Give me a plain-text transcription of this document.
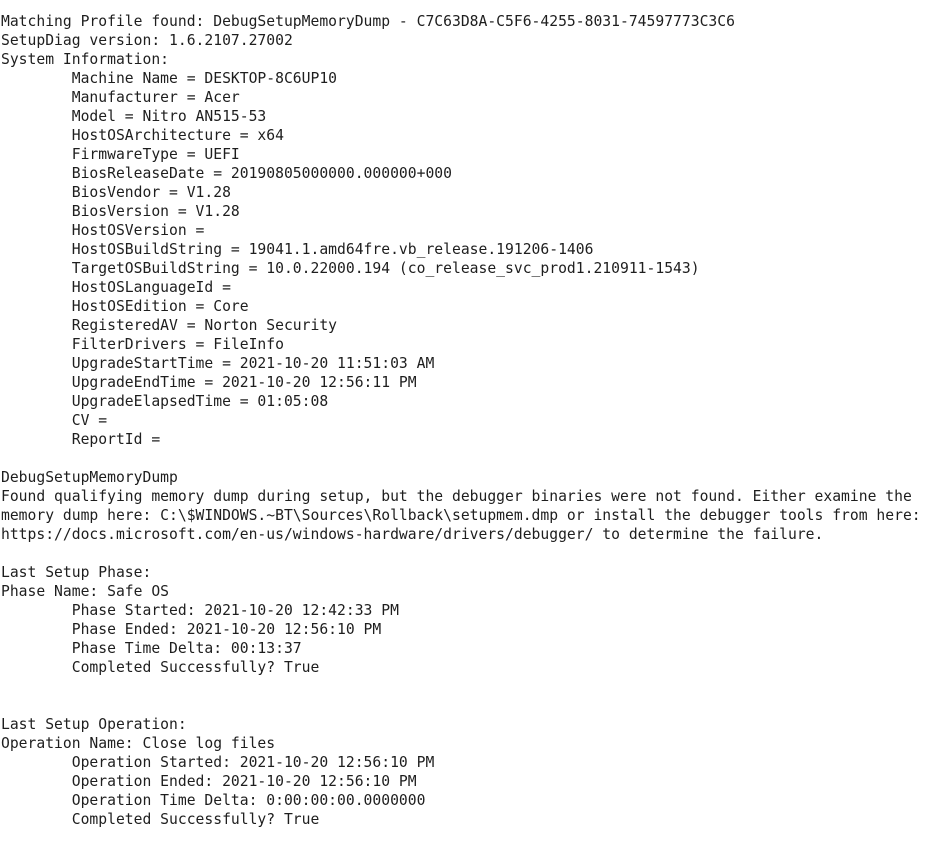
Matching Profile found: DebugSetupMemoryDump - C7C63D8A-C5F6-4255-8031-74597773C3C6
SetupDiag version: 1.6.2107.27002
System Information:
Machine Name = DESKTOP-8C6UP10
Manufacturer = Acer
Model = Nitro AN515-53
HostOSArchitecture = x64
FirmwareType = UEFI
BiosReleaseDate = 20190805000000.000000+000
BiosVendor = V1.28
BiosVersion = V1.28
HostOSVersion =
HostOSBuildString = 19041.1.amd64fre.vb_release.191206-1406
TargetOSBuildString = 10.0.22000.194 (co_release_svc_prod1.210911-1543)
HostOSLanguageId =
HostOSEdition = Core
RegisteredAV = Norton Security
FilterDrivers = FileInfo
UpgradeStartTime = 2021-10-20 11:51:03 AM
UpgradeEndTime = 2021-10-20 12:56:11 PM
UpgradeElapsedTime = 01:05:08
CV =
ReportId =
DebugSetupMemoryDump
Found qualifying memory dump during setup, but the debugger binaries were not found. Either examine the
memory dump here: C:\$WINDOWS.~BT\Sources\Rollback\setupmem.dmp or install the debugger tools from here:
https://docs.microsoft.com/en-us/windows-hardware/drivers/debugger/ to determine the failure.
Last Setup Phase:
Phase Name: Safe OS
Phase Started: 2021-10-20 12:42:33 PM
Phase Ended: 2021-10-20 12:56:10 PM
Phase Time Delta: 00:13:37
Completed Successfully? True
Last Setup Operation:
Operation Name: Close log files
Operation Started: 2021-10-20 12:56:10 PM
Operation Ended: 2021-10-20 12:56:10 PM
Operation Time Delta: 0:00:00:00.0000000
Completed Successfully? True
